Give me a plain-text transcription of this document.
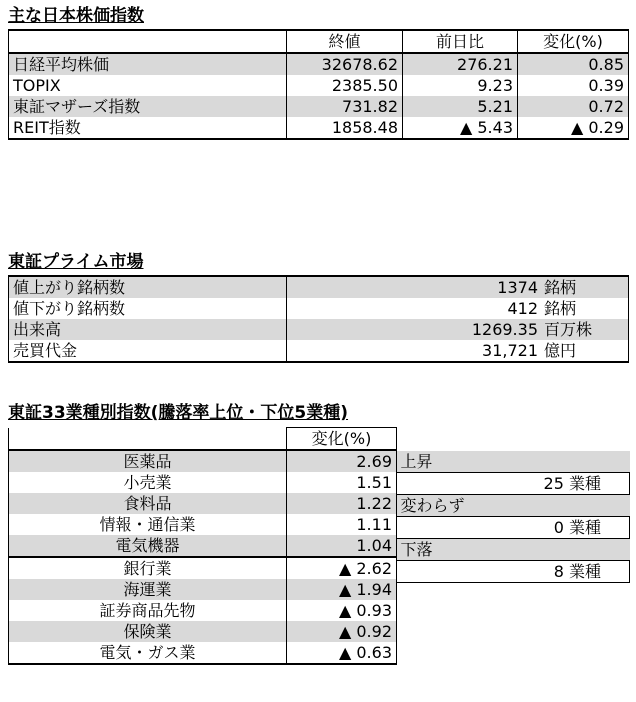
主な日本株価指数
	終値	前日比	変化(%)
日経平均株価	32678.62	276.21	0.85
TOPIX	2385.50	9.23	0.39
東証マザーズ指数	731.82	5.21	0.72
REIT指数	1858.48	▲ 5.43	▲ 0.29
東証プライム市場
値上がり銘柄数	1374 銘柄

値下がり銘柄数	412 銘柄

出来高	1269.35 百万株

売買代金	31,721 億円
東証33業種別指数(騰落率上位・下位5業種)
	変化(%)
医薬品	2.69
小売業	1.51
食料品	1.22
情報・通信業	1.11
電気機器	1.04
銀行業	▲ 2.62
海運業	▲ 1.94
証券商品先物	▲ 0.93
保険業	▲ 0.92
電気・ガス業	▲ 0.63
上昇
25 業種
変わらず
0 業種
下落
8 業種
